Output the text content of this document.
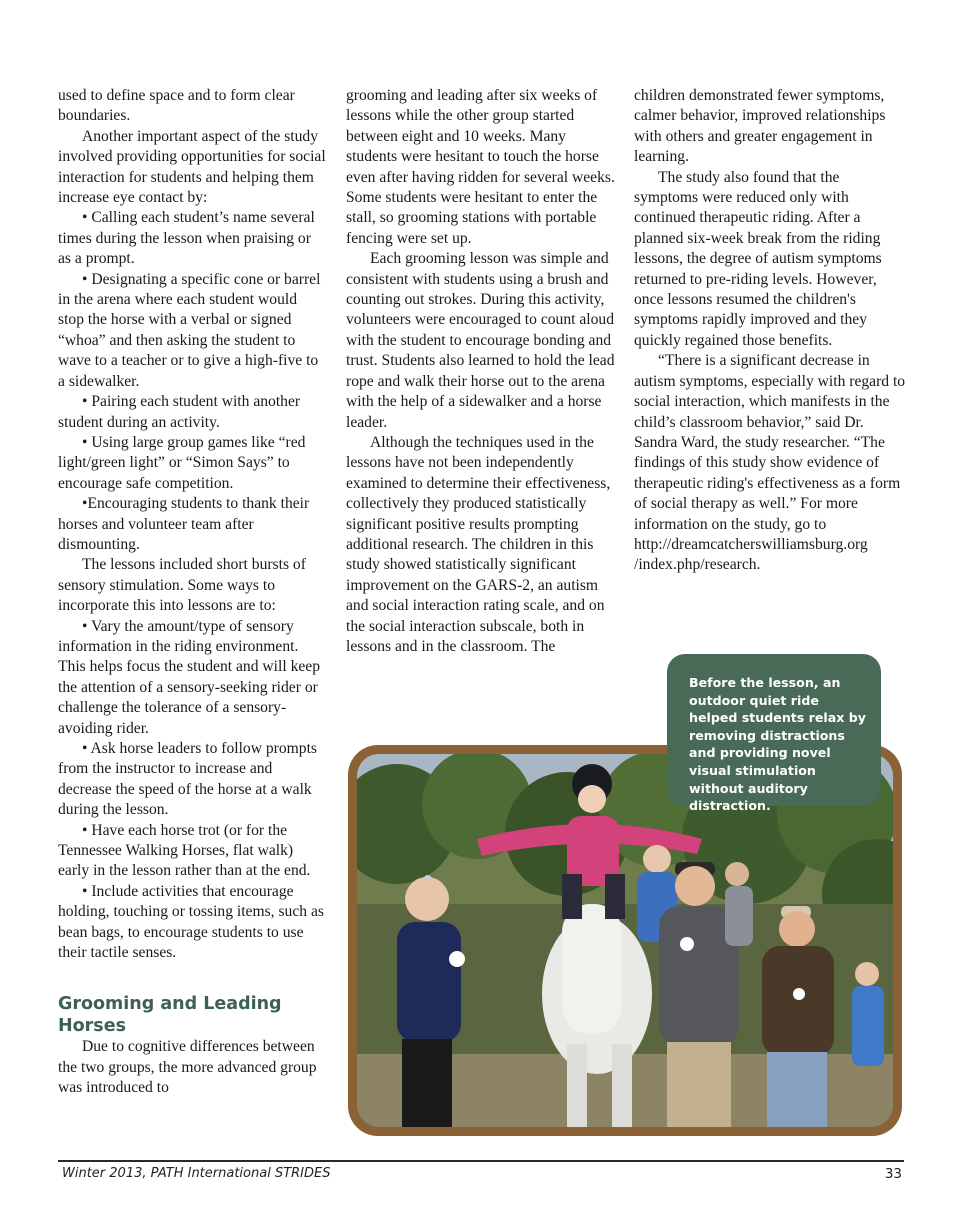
used to define space and to form clear boundaries.

Another important aspect of the study involved providing opportunities for social interaction for students and helping them increase eye contact by:

• Calling each student’s name several times during the lesson when praising or as a prompt.

• Designating a specific cone or barrel in the arena where each student would stop the horse with a verbal or signed “whoa” and then asking the student to wave to a teacher or to give a high-five to a sidewalker.

• Pairing each student with another student during an activity.

• Using large group games like “red light/green light” or “Simon Says” to encourage safe competition.

•Encouraging students to thank their horses and volunteer team after dismounting.

The lessons included short bursts of sensory stimulation. Some ways to incorporate this into lessons are to:

• Vary the amount/type of sensory information in the riding environment. This helps focus the student and will keep the attention of a sensory-seeking rider or challenge the tolerance of a sensory-avoiding rider.

• Ask horse leaders to follow prompts from the instructor to increase and decrease the speed of the horse at a walk during the lesson.

• Have each horse trot (or for the Tennessee Walking Horses, flat walk) early in the lesson rather than at the end.

• Include activities that encourage holding, touching or tossing items, such as bean bags, to encourage students to use their tactile senses.

Grooming and Leading Horses

Due to cognitive differences between the two groups, the more advanced group was introduced to

grooming and leading after six weeks of lessons while the other group started between eight and 10 weeks. Many students were hesitant to touch the horse even after having ridden for several weeks. Some students were hesitant to enter the stall, so grooming stations with portable fencing were set up.

Each grooming lesson was simple and consistent with students using a brush and counting out strokes. During this activity, volunteers were encouraged to count aloud with the student to encourage bonding and trust. Students also learned to hold the lead rope and walk their horse out to the arena with the help of a sidewalker and a horse leader.

Although the techniques used in the lessons have not been independently examined to determine their effectiveness, collectively they produced statistically significant positive results prompting additional research. The children in this study showed statistically significant improvement on the GARS-2, an autism and social interaction rating scale, and on the social interaction subscale, both in lessons and in the classroom. The

children demonstrated fewer symptoms, calmer behavior, improved relationships with others and greater engagement in learning.

The study also found that the symptoms were reduced only with continued therapeutic riding. After a planned six-week break from the riding lessons, the degree of autism symptoms returned to pre-riding levels. However, once lessons resumed the children's symptoms rapidly improved and they quickly regained those benefits.

“There is a significant decrease in autism symptoms, especially with regard to social interaction, which manifests in the child’s classroom behavior,” said Dr. Sandra Ward, the study researcher. “The findings of this study show evidence of therapeutic riding's effectiveness as a form of social therapy as well.” For more information on the study, go to http://dreamcatcherswilliamsburg.org /index.php/research.

Before the lesson, an outdoor quiet ride helped students relax by removing distractions and providing novel visual stimulation without auditory distraction.
Winter 2013, PATH International STRIDES	33
